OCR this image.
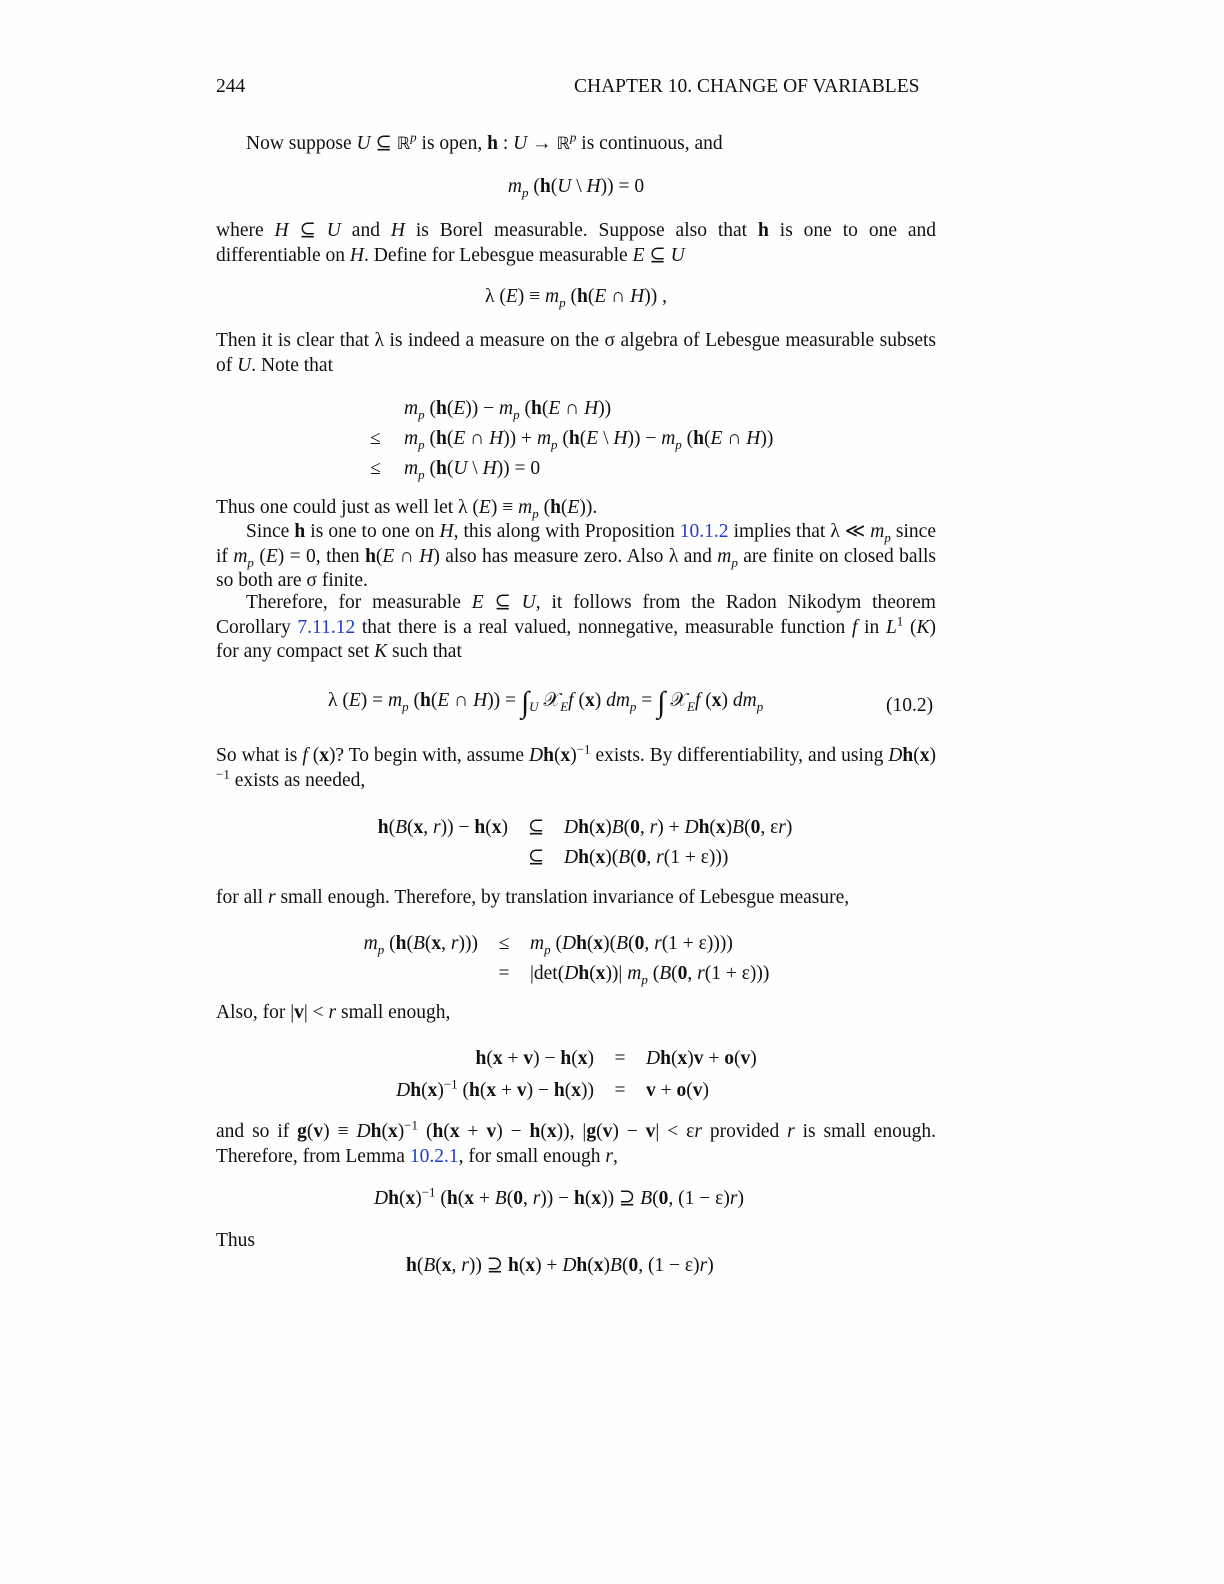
244	CHAPTER 10. CHANGE OF VARIABLES

Now suppose U ⊆ ℝ$^p$ is open, h : U → ℝ$^p$ is continuous, and

$m_p$ (h(U \ H)) = 0

where H ⊆ U and H is Borel measurable. Suppose also that h is one to one and differentiable on H. Define for Lebesgue measurable E ⊆ U

λ $(E) \equiv m_p$ (h(E ∩ H)) ,

Then it is clear that λ is indeed a measure on the σ algebra of Lebesgue measurable subsets of U. Note that

$m_p$ $(h(E)) - m_p$ (h(E ∩ H))
≤ $m_p$ (h(E ∩ $H)) + m_p$ (h(E \ $H)) - m_p$ (h(E ∩ H))
≤ $m_p$ (h(U \ H)) = 0

Thus one could just as well let λ $(E) \equiv m_p$ (h(E)).

Since h is one to one on H, this along with Proposition 10.1.2 implies that λ ≪ $m_p$ since if $m_p$ (E) = 0, then h(E ∩ H) also has measure zero. Also λ and $m_p$ are finite on closed balls so both are σ finite.

Therefore, for measurable E ⊆ U, it follows from the Radon Nikodym theorem Corollary 7.11.12 that there is a real valued, nonnegative, measurable function f in $L^1$ (K) for any compact set K such that

λ $(E) = m_p$ (h(E ∩ $H)) = \int_U$ 𝒳$_E$f (x) $dm_p$ = ∫ 𝒳$_E$f (x) $dm_p$	(10.2)

So what is f (x)? To begin with, assume $Dh(x)^{-1}$ exists. By differentiability, and using $Dh(x)^{-1}$ exists as needed,

h(B(x, r)) − h(x) ⊆ Dh(x)B(0, r) + Dh(x)B(0, εr)
⊆ Dh(x)(B(0, r(1 + ε)))

for all r small enough. Therefore, by translation invariance of Lebesgue measure,

$m_p$ (h(B(x, $r))) \le m_p$ (Dh(x)(B(0, r(1 + ε))))
= |det(Dh(x))| $m_p$ (B(0, r(1 + ε)))

Also, for |v| < r small enough,

h(x + v) − h(x) = Dh(x)v + o(v)
$Dh(x)^{-1}$ (h(x + v) − h(x)) = v + o(v)

and so if $g(v) \equiv Dh(x)^{-1}$ (h(x + v) − h(x)), |g(v) − v| < εr provided r is small enough. Therefore, from Lemma 10.2.1, for small enough r,

$Dh(x)^{-1}$ (h(x + B(0, r)) − h(x)) ⊇ B(0, (1 − ε)r)

Thus

h(B(x, r)) ⊇ h(x) + Dh(x)B(0, (1 − ε)r)
